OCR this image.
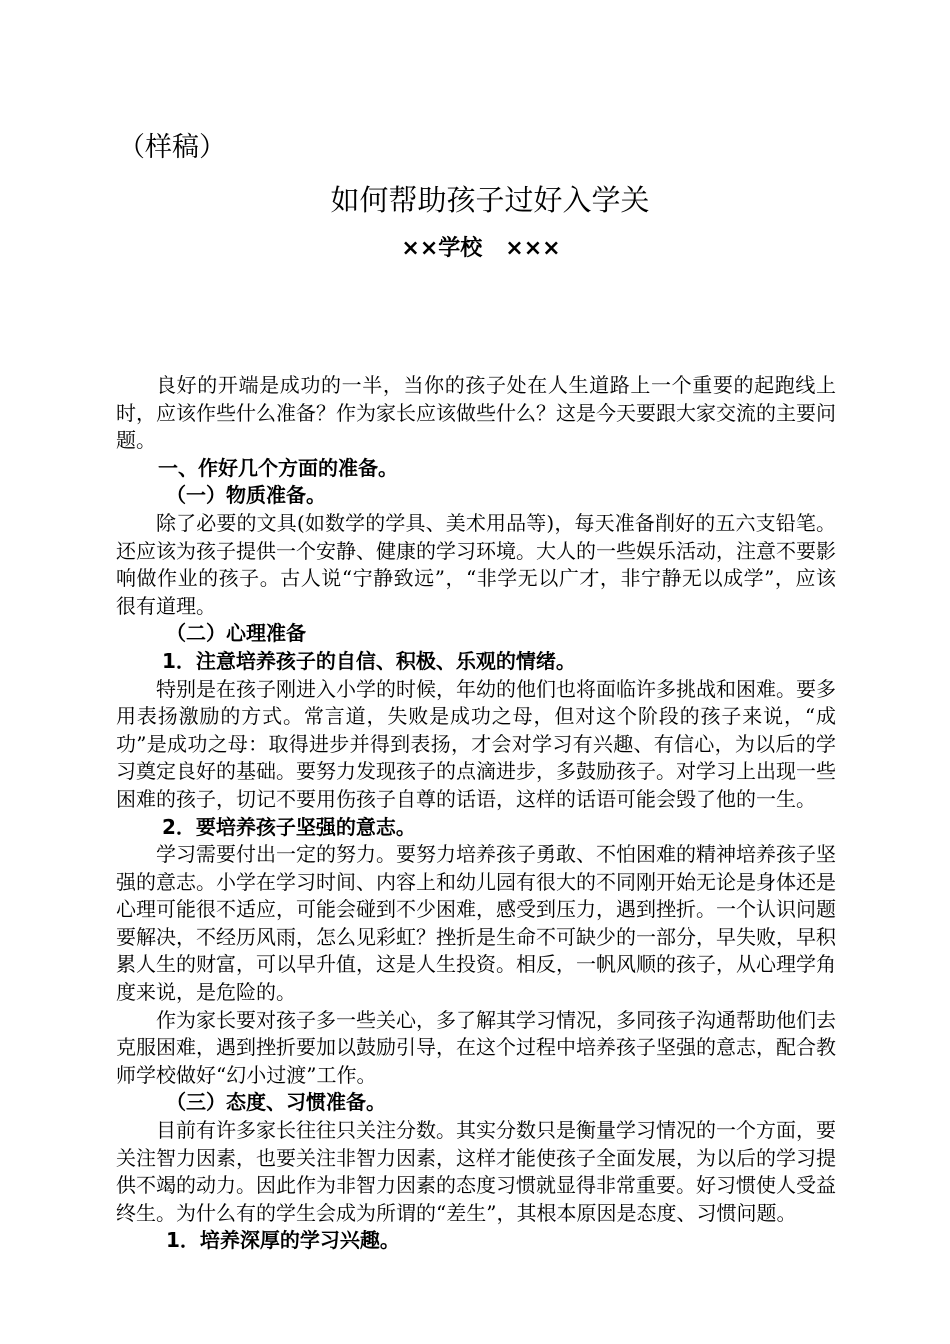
（样稿）
如何帮助孩子过好入学关
××学校   ×××

良好的开端是成功的一半，当你的孩子处在人生道路上一个重要的起跑线上时，应该作些什么准备？作为家长应该做些什么？这是今天要跟大家交流的主要问题。

一、作好几个方面的准备。

（一）物质准备。

除了必要的文具(如数学的学具、美术用品等)，每天准备削好的五六支铅笔。还应该为孩子提供一个安静、健康的学习环境。大人的一些娱乐活动，注意不要影响做作业的孩子。古人说“宁静致远”，“非学无以广才，非宁静无以成学”，应该很有道理。

（二）心理准备

1．注意培养孩子的自信、积极、乐观的情绪。

特别是在孩子刚进入小学的时候，年幼的他们也将面临许多挑战和困难。要多用表扬激励的方式。常言道，失败是成功之母，但对这个阶段的孩子来说，“成功”是成功之母：取得进步并得到表扬，才会对学习有兴趣、有信心，为以后的学习奠定良好的基础。要努力发现孩子的点滴进步，多鼓励孩子。对学习上出现一些困难的孩子，切记不要用伤孩子自尊的话语，这样的话语可能会毁了他的一生。

2．要培养孩子坚强的意志。

学习需要付出一定的努力。要努力培养孩子勇敢、不怕困难的精神培养孩子坚强的意志。小学在学习时间、内容上和幼儿园有很大的不同刚开始无论是身体还是心理可能很不适应，可能会碰到不少困难，感受到压力，遇到挫折。一个认识问题要解决，不经历风雨，怎么见彩虹？挫折是生命不可缺少的一部分，早失败，早积累人生的财富，可以早升值，这是人生投资。相反，一帆风顺的孩子，从心理学角度来说，是危险的。

作为家长要对孩子多一些关心，多了解其学习情况，多同孩子沟通帮助他们去克服困难，遇到挫折要加以鼓励引导，在这个过程中培养孩子坚强的意志，配合教师学校做好“幻小过渡”工作。

（三）态度、习惯准备。

目前有许多家长往往只关注分数。其实分数只是衡量学习情况的一个方面，要关注智力因素，也要关注非智力因素，这样才能使孩子全面发展，为以后的学习提供不竭的动力。因此作为非智力因素的态度习惯就显得非常重要。好习惯使人受益终生。为什么有的学生会成为所谓的“差生”，其根本原因是态度、习惯问题。

1．培养深厚的学习兴趣。
